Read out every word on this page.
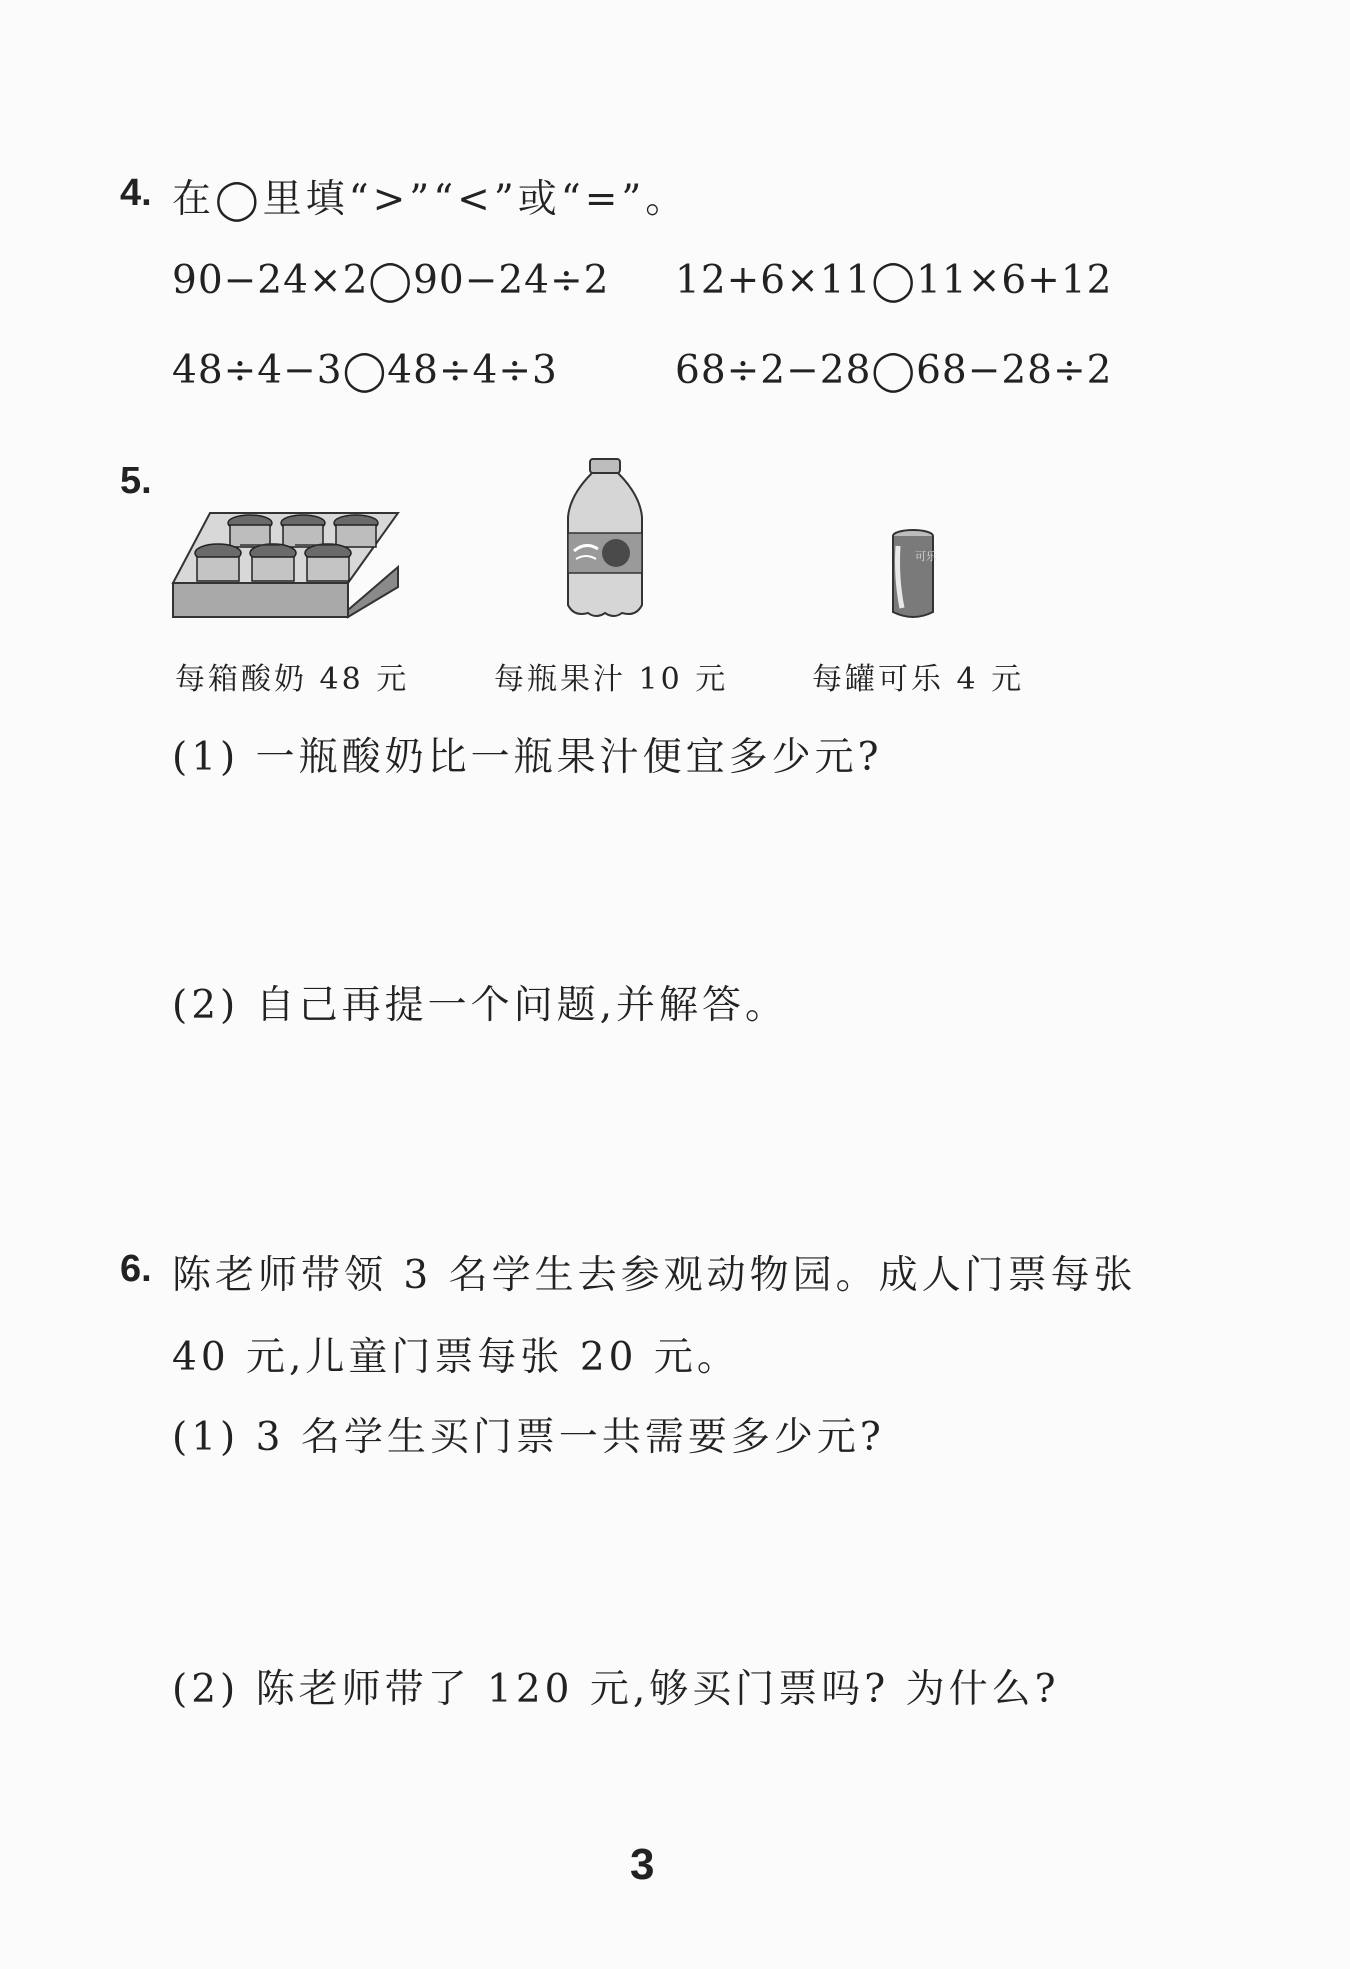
4. 在◯里填“>”“<”或“=”。
90−24×2◯90−24÷2 12+6×11◯11×6+12
48÷4−3◯48÷4÷3	68÷2−28◯68−28÷2
5.
可乐
每箱酸奶 48 元	每瓶果汁 10 元	每罐可乐 4 元
(1) 一瓶酸奶比一瓶果汁便宜多少元?
(2) 自己再提一个问题,并解答。
6. 陈老师带领 3 名学生去参观动物园。成人门票每张
40 元,儿童门票每张 20 元。
(1) 3 名学生买门票一共需要多少元?
(2) 陈老师带了 120 元,够买门票吗? 为什么?
3
